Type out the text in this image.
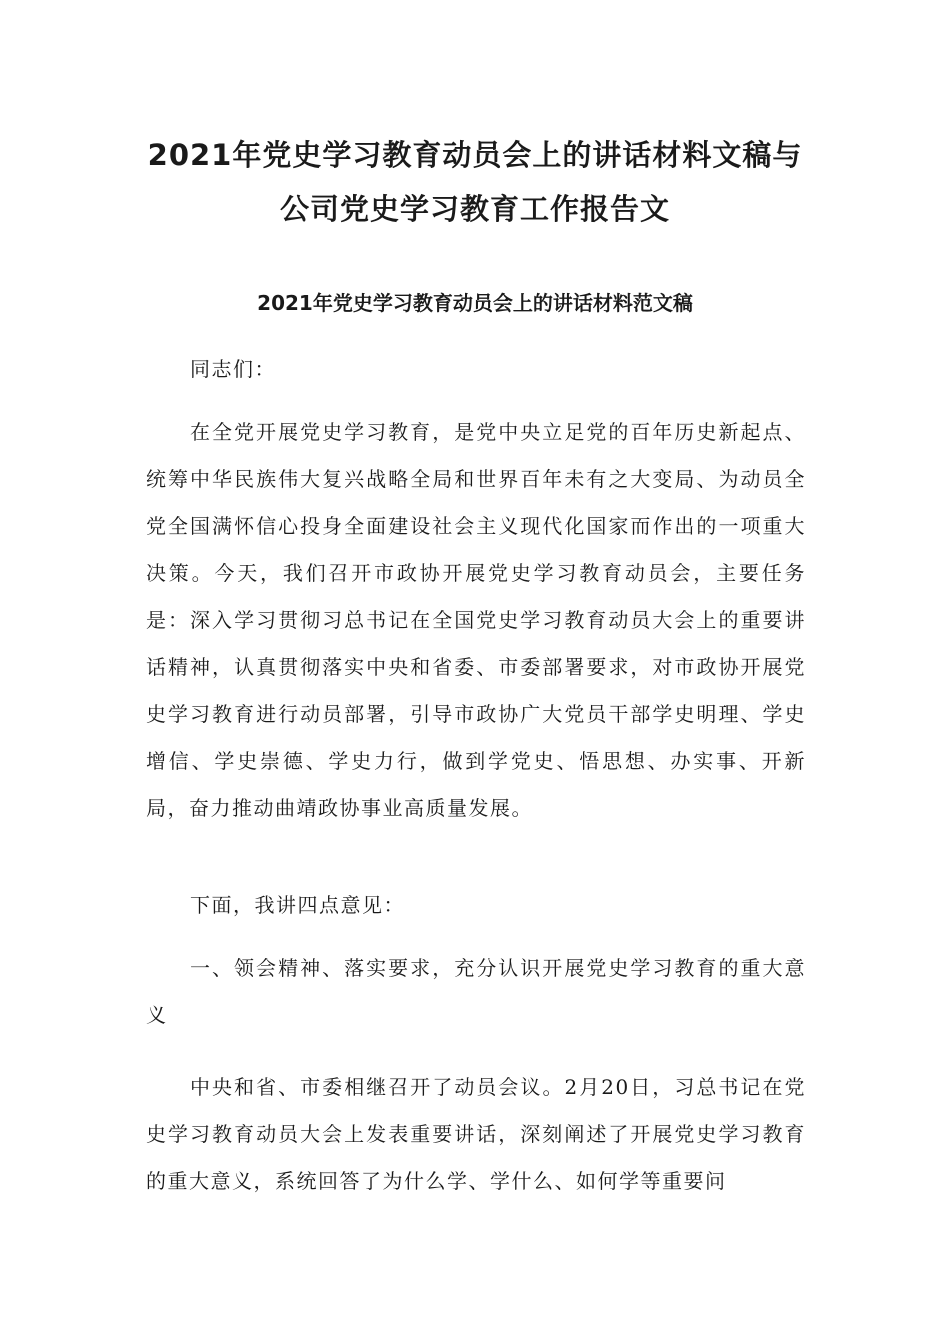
2021年党史学习教育动员会上的讲话材料文稿与公司党史学习教育工作报告文
2021年党史学习教育动员会上的讲话材料范文稿

同志们：

在全党开展党史学习教育，是党中央立足党的百年历史新起点、统筹中华民族伟大复兴战略全局和世界百年未有之大变局、为动员全党全国满怀信心投身全面建设社会主义现代化国家而作出的一项重大决策。今天，我们召开市政协开展党史学习教育动员会，主要任务是：深入学习贯彻习总书记在全国党史学习教育动员大会上的重要讲话精神，认真贯彻落实中央和省委、市委部署要求，对市政协开展党史学习教育进行动员部署，引导市政协广大党员干部学史明理、学史增信、学史崇德、学史力行，做到学党史、悟思想、办实事、开新局，奋力推动曲靖政协事业高质量发展。

下面，我讲四点意见：

一、领会精神、落实要求，充分认识开展党史学习教育的重大意义

中央和省、市委相继召开了动员会议。2月20日，习总书记在党史学习教育动员大会上发表重要讲话，深刻阐述了开展党史学习教育的重大意义，系统回答了为什么学、学什么、如何学等重要问
